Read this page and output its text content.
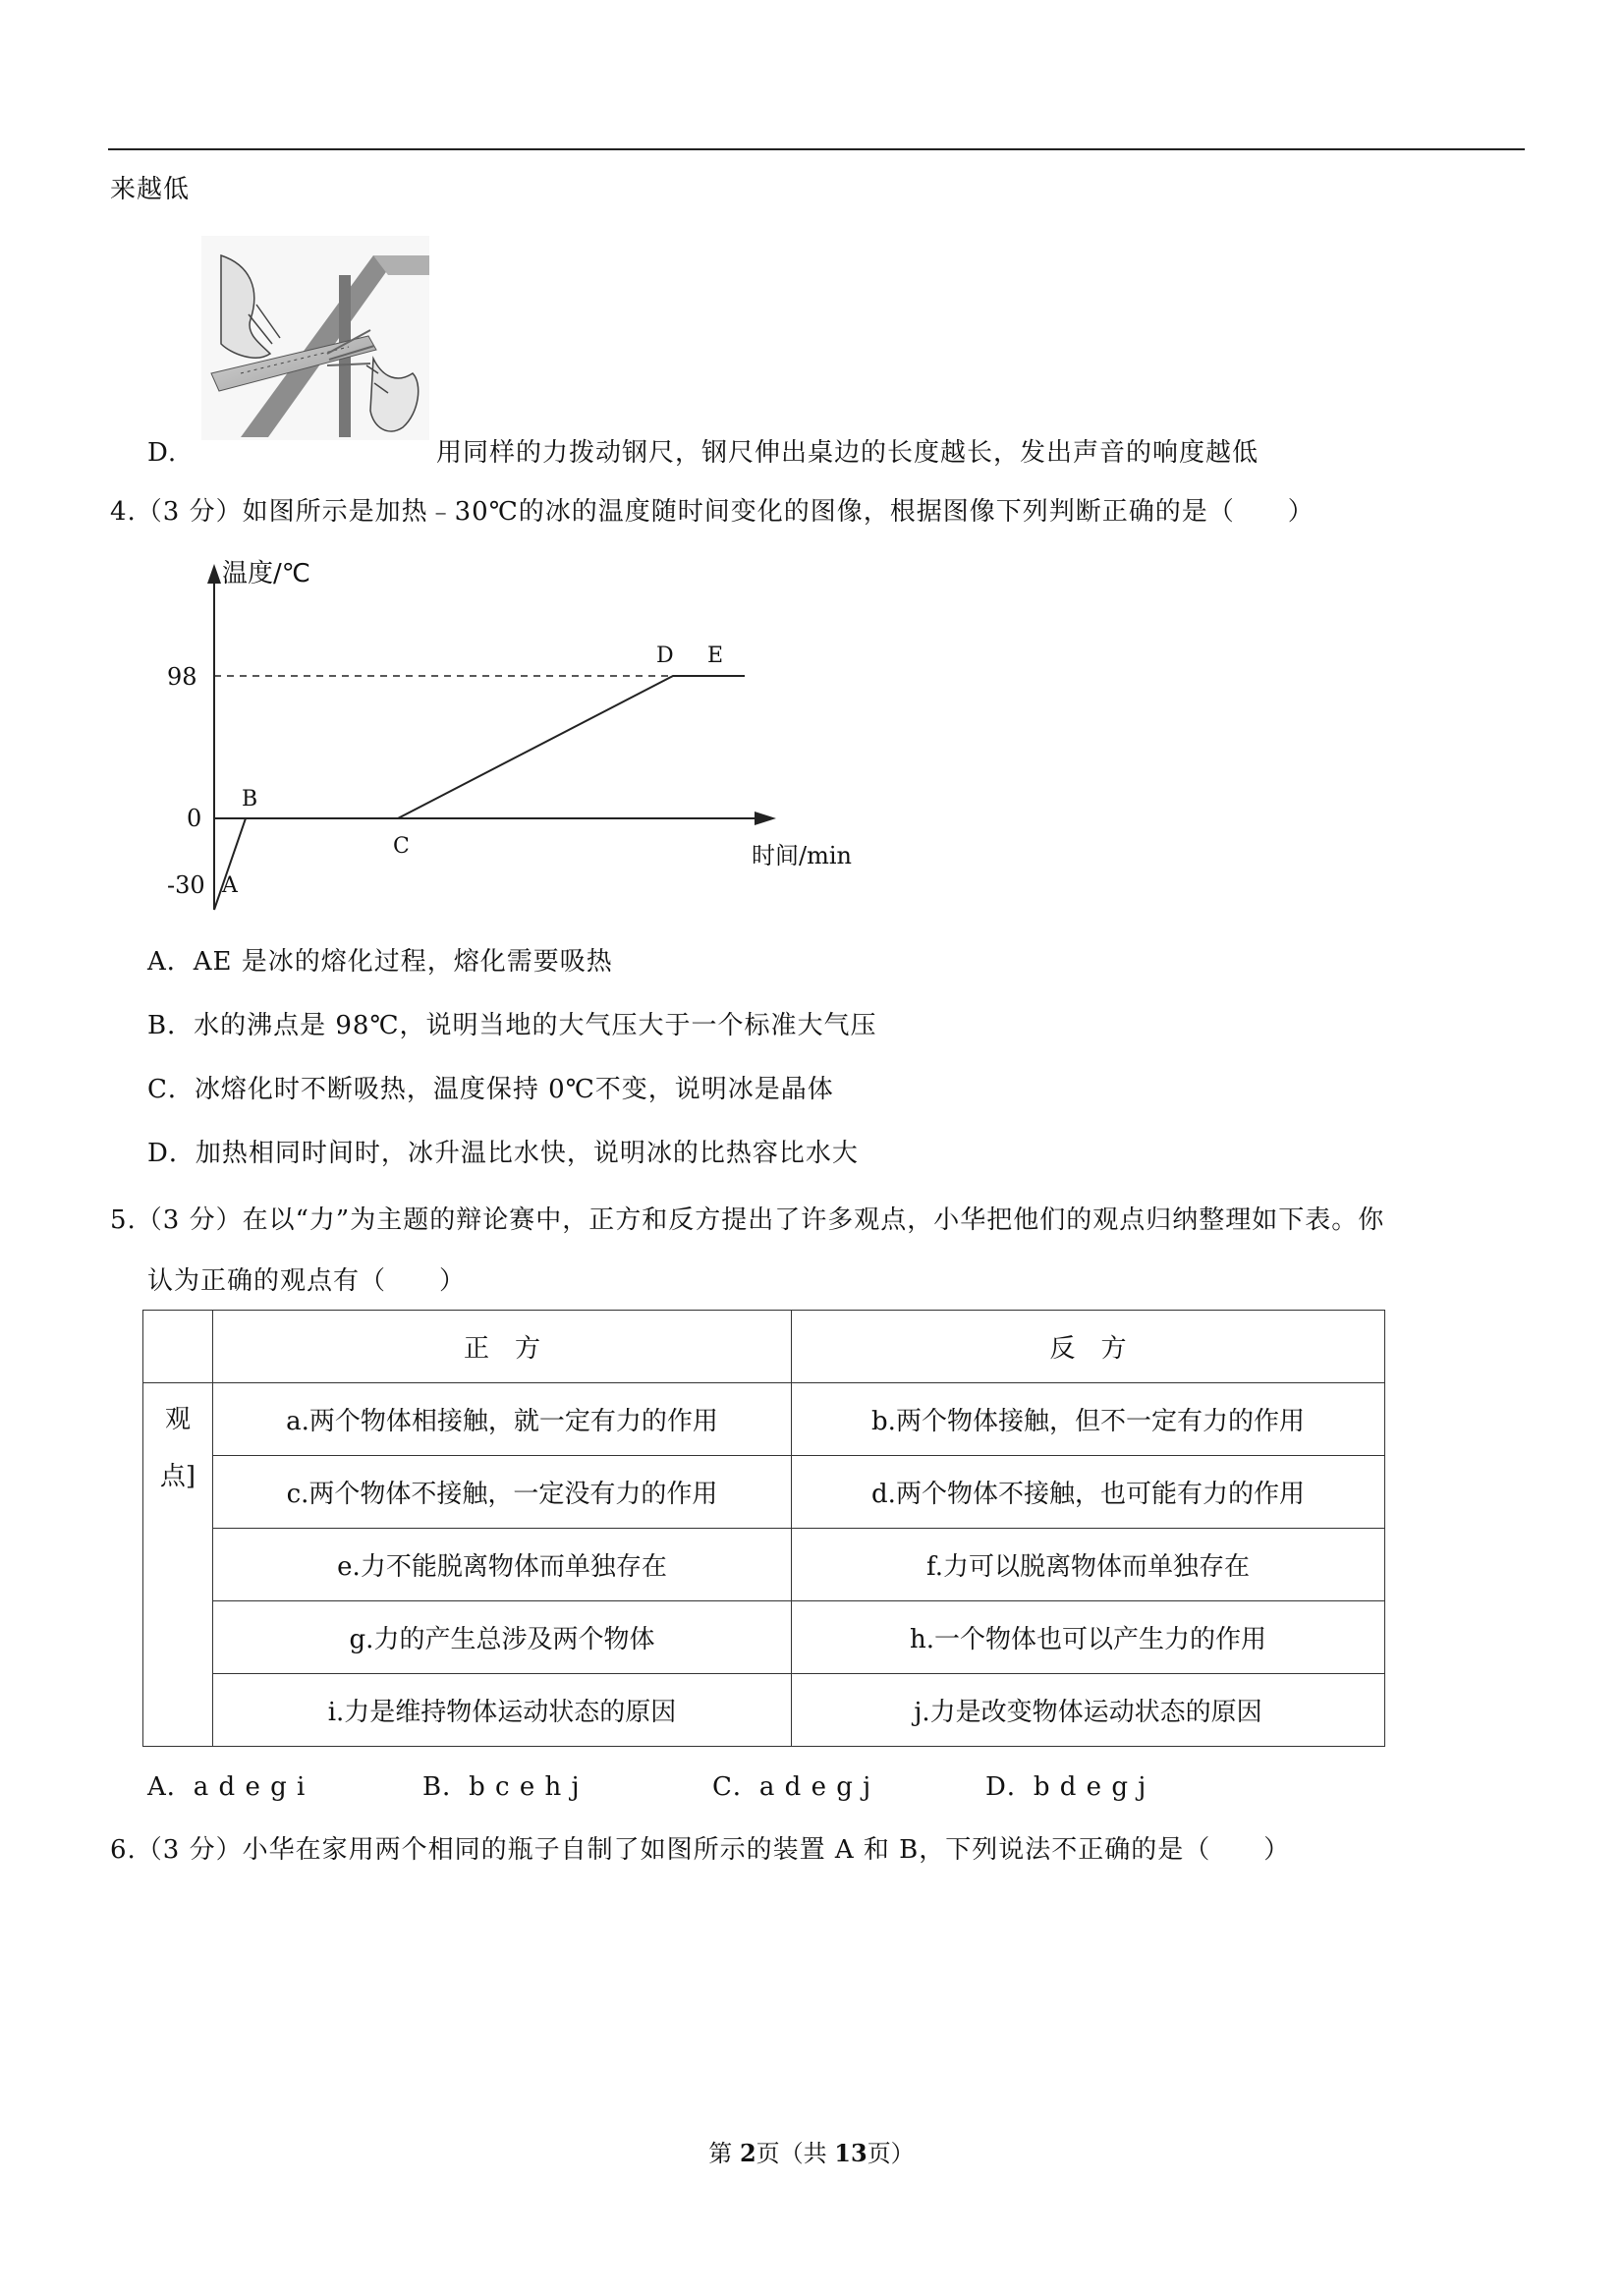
来越低
D.	用同样的力拨动钢尺，钢尺伸出桌边的长度越长，发出声音的响度越低
4.（3 分）如图所示是加热﹣30℃的冰的温度随时间变化的图像，根据图像下列判断正确的是（　　）
温度/℃
时间/min
98
0
-30 A
B
C
D E
A．AE 是冰的熔化过程，熔化需要吸热
B．水的沸点是 98℃，说明当地的大气压大于一个标准大气压
C．冰熔化时不断吸热，温度保持 0℃不变，说明冰是晶体
D．加热相同时间时，冰升温比水快，说明冰的比热容比水大
5.（3 分）在以“力”为主题的辩论赛中，正方和反方提出了许多观点，小华把他们的观点归纳整理如下表。你
认为正确的观点有（　　）
	正　方	反　方

观
点]	a.两个物体相接触，就一定有力的作用	b.两个物体接触，但不一定有力的作用
	c.两个物体不接触，一定没有力的作用	d.两个物体不接触，也可能有力的作用
	e.力不能脱离物体而单独存在	f.力可以脱离物体而单独存在
	g.力的产生总涉及两个物体	h.一个物体也可以产生力的作用
	i.力是维持物体运动状态的原因	j.力是改变物体运动状态的原因
A．a d e g i	B．b c e h j	C．a d e g j	D．b d e g j
6.（3 分）小华在家用两个相同的瓶子自制了如图所示的装置 A 和 B，下列说法不正确的是（　　）
第 2页（共 13页）
